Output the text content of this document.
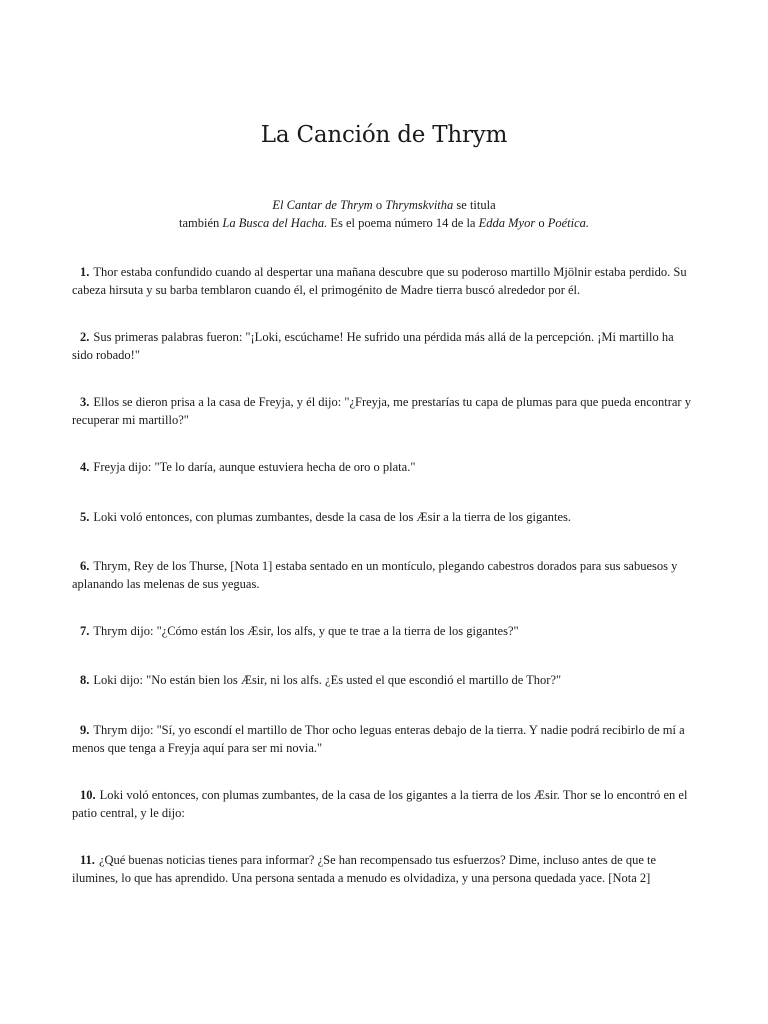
La Canción de Thrym
El Cantar de Thrym o Thrymskvitha se titula
también La Busca del Hacha. Es el poema número 14 de la Edda Myor o Poética.

1. Thor estaba confundido cuando al despertar una mañana descubre que su poderoso martillo Mjölnir estaba perdido. Su cabeza hirsuta y su barba temblaron cuando él, el primogénito de Madre tierra buscó alrededor por él.

2. Sus primeras palabras fueron: "¡Loki, escúchame! He sufrido una pérdida más allá de la percepción. ¡Mi martillo ha sido robado!"

3. Ellos se dieron prisa a la casa de Freyja, y él dijo: "¿Freyja, me prestarías tu capa de plumas para que pueda encontrar y recuperar mi martillo?"

4. Freyja dijo: "Te lo daría, aunque estuviera hecha de oro o plata."

5. Loki voló entonces, con plumas zumbantes, desde la casa de los Æsir a la tierra de los gigantes.

6. Thrym, Rey de los Thurse, [Nota 1] estaba sentado en un montículo, plegando cabestros dorados para sus sabuesos y aplanando las melenas de sus yeguas.

7. Thrym dijo: "¿Cómo están los Æsir, los alfs, y que te trae a la tierra de los gigantes?"

8. Loki dijo: "No están bien los Æsir, ni los alfs. ¿Es usted el que escondió el martillo de Thor?"

9. Thrym dijo: "Sí, yo escondí el martillo de Thor ocho leguas enteras debajo de la tierra. Y nadie podrá recibirlo de mí a menos que tenga a Freyja aquí para ser mi novia."

10. Loki voló entonces, con plumas zumbantes, de la casa de los gigantes a la tierra de los Æsir. Thor se lo encontró en el patio central, y le dijo:

11. ¿Qué buenas noticias tienes para informar? ¿Se han recompensado tus esfuerzos? Dime, incluso antes de que te ilumines, lo que has aprendido. Una persona sentada a menudo es olvidadiza, y una persona quedada yace. [Nota 2]
